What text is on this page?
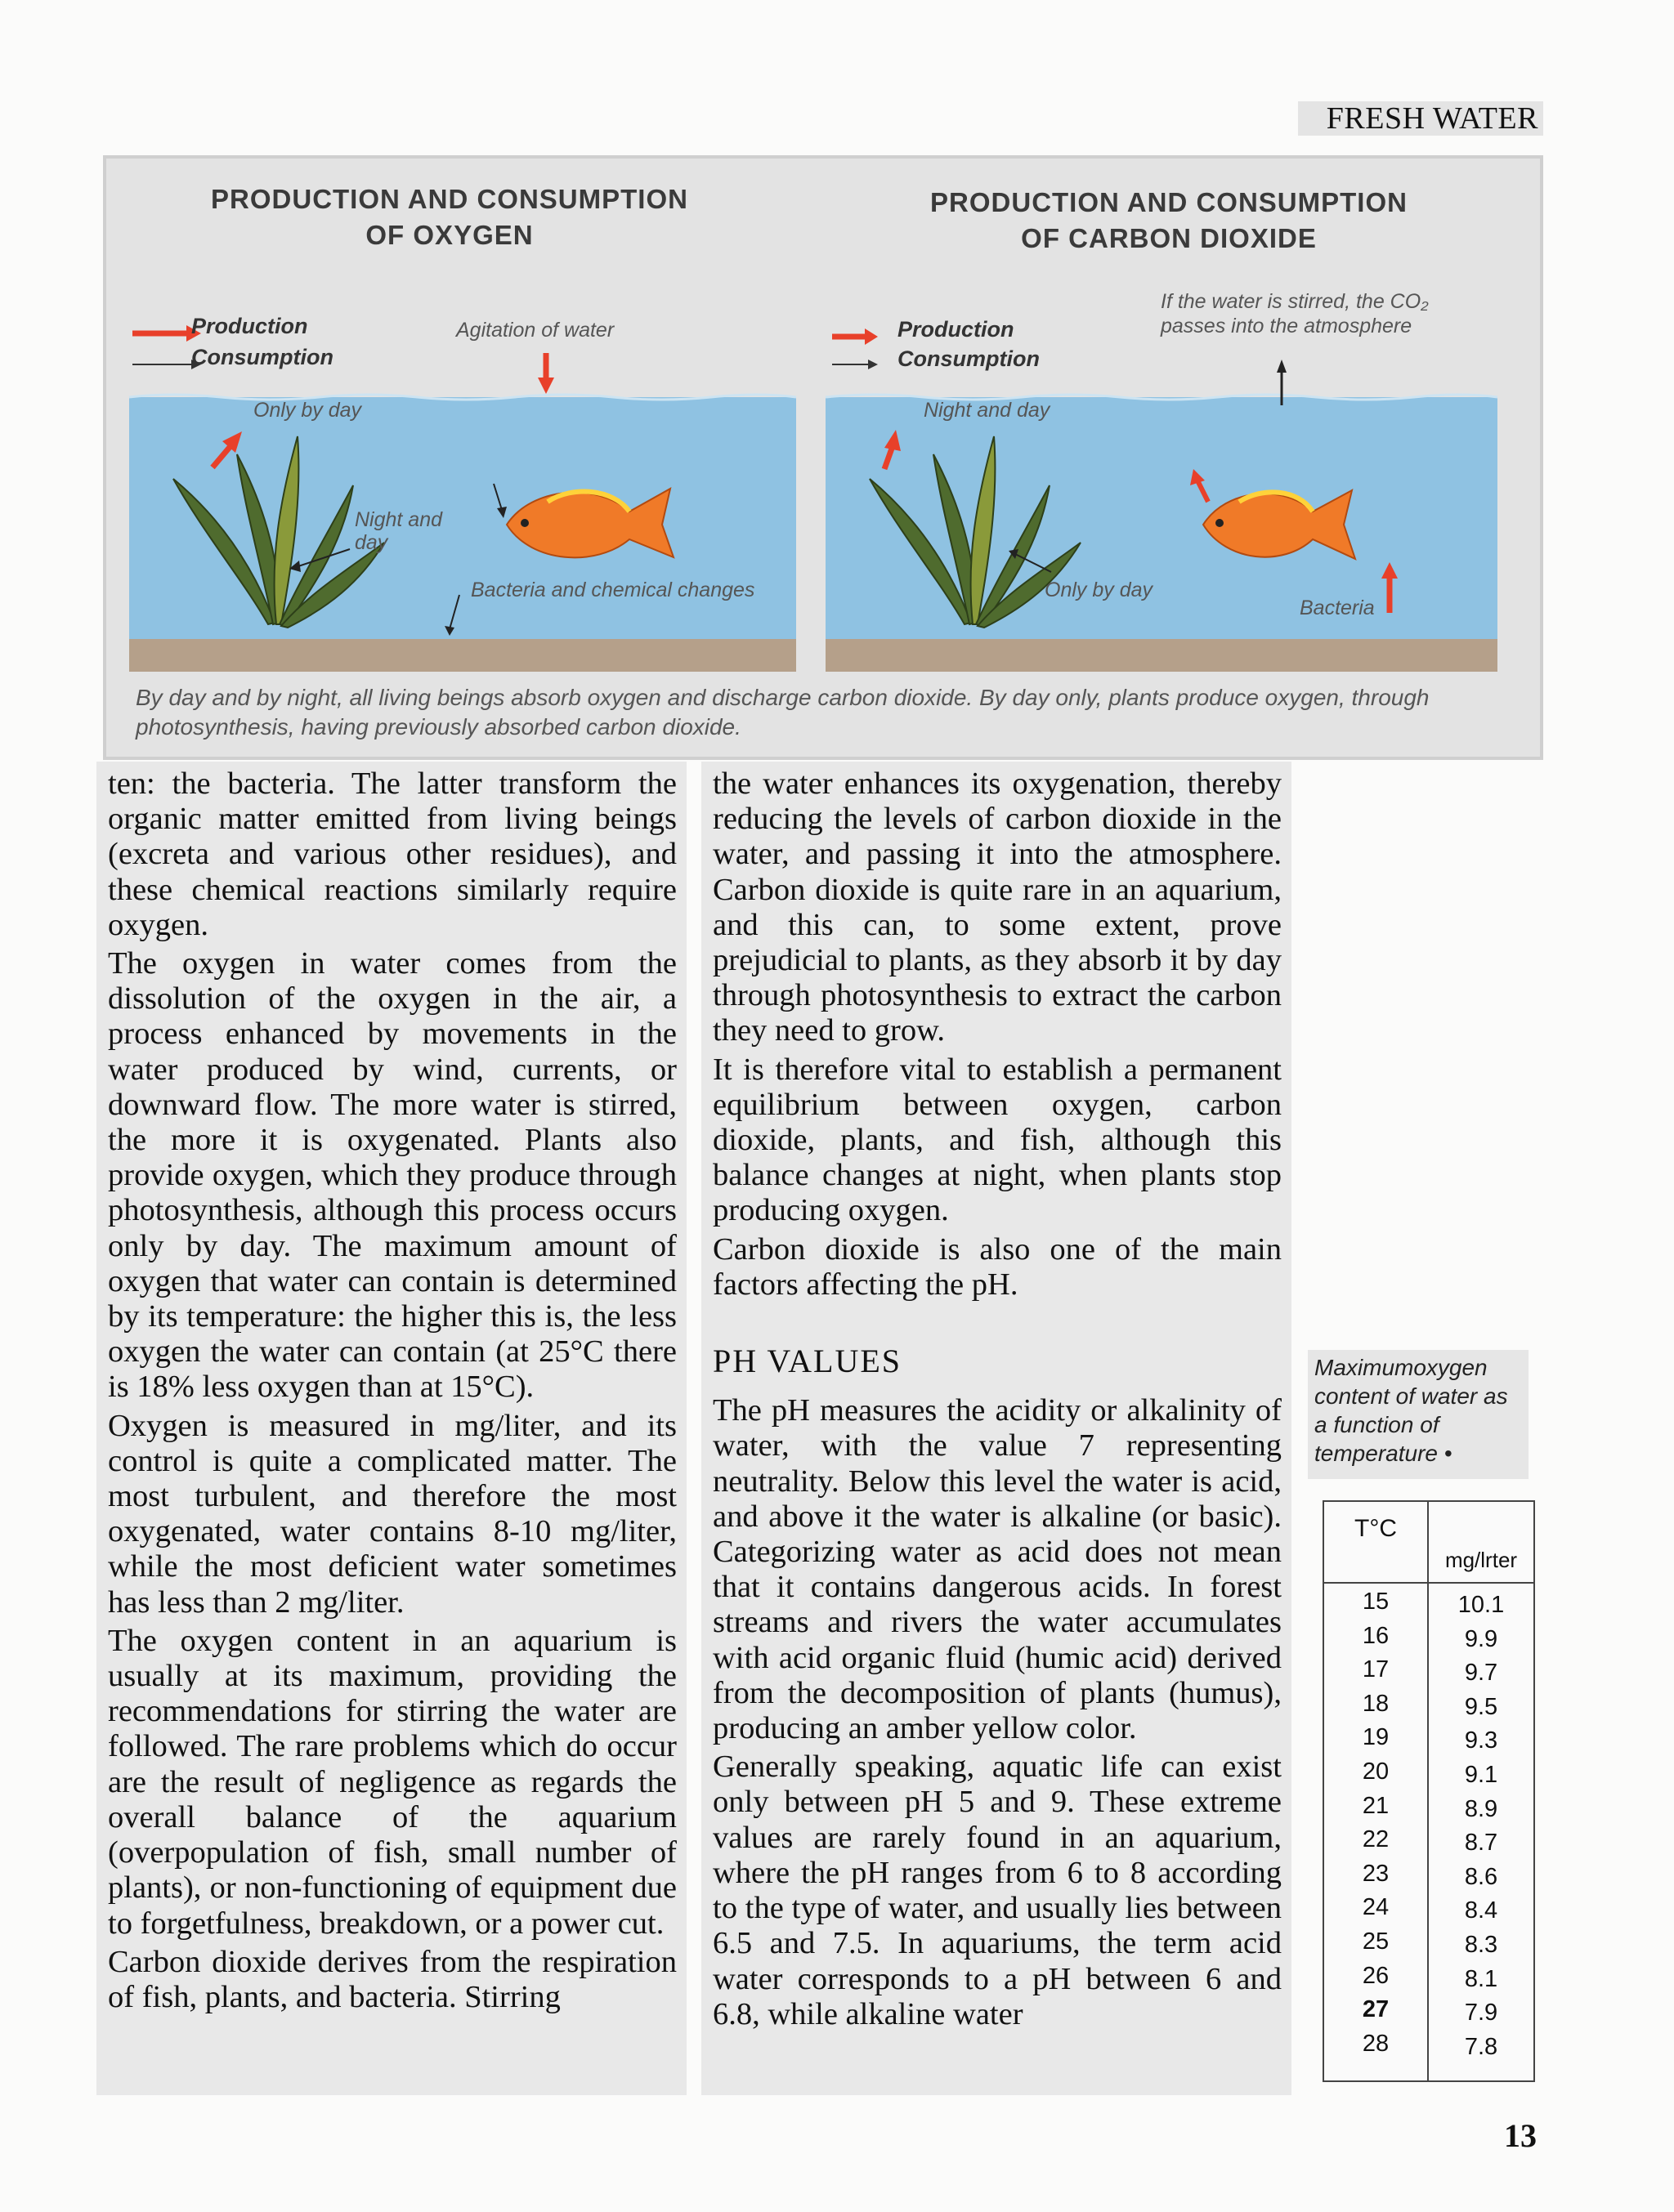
FRESH WATER
PRODUCTION AND CONSUMPTION
OF OXYGEN
PRODUCTION AND CONSUMPTION
OF CARBON DIOXIDE
Production
Consumption
Agitation of water
Only by day
Night and day
Bacteria and chemical changes
Production
Consumption
If the water is stirred, the CO₂ passes into the atmosphere
Night and day
Only by day
Bacteria
By day and by night, all living beings absorb oxygen and discharge carbon dioxide. By day only, plants produce oxygen, through photosynthesis, having previously absorbed carbon dioxide.

ten: the bacteria. The latter transform the organic matter emitted from living beings (excreta and various other residues), and these chemical reactions similarly require oxygen.

The oxygen in water comes from the dissolution of the oxygen in the air, a process enhanced by movements in the water produced by wind, currents, or downward flow. The more water is stirred, the more it is oxygenated. Plants also provide oxygen, which they produce through photosynthesis, although this process occurs only by day. The maximum amount of oxygen that water can contain is determined by its temperature: the higher this is, the less oxygen the water can contain (at 25°C there is 18% less oxygen than at 15°C).

Oxygen is measured in mg/liter, and its control is quite a complicated matter. The most turbulent, and therefore the most oxygenated, water contains 8-10 mg/liter, while the most deficient water sometimes has less than 2 mg/liter.

The oxygen content in an aquarium is usually at its maximum, providing the recommendations for stirring the water are followed. The rare problems which do occur are the result of negligence as regards the overall balance of the aquarium (overpopulation of fish, small number of plants), or non-functioning of equipment due to forgetfulness, breakdown, or a power cut.

Carbon dioxide derives from the respiration of fish, plants, and bacteria. Stirring

the water enhances its oxygenation, thereby reducing the levels of carbon dioxide in the water, and passing it into the atmosphere. Carbon dioxide is quite rare in an aquarium, and this can, to some extent, prove prejudicial to plants, as they absorb it by day through photosynthesis to extract the carbon they need to grow.

It is therefore vital to establish a permanent equilibrium between oxygen, carbon dioxide, plants, and fish, although this balance changes at night, when plants stop producing oxygen.

Carbon dioxide is also one of the main factors affecting the pH.

PH VALUES

The pH measures the acidity or alkalinity of water, with the value 7 representing neutrality. Below this level the water is acid, and above it the water is alkaline (or basic). Categorizing water as acid does not mean that it contains dangerous acids. In forest streams and rivers the water accumulates with acid organic fluid (humic acid) derived from the decomposition of plants (humus), producing an amber yellow color.

Generally speaking, aquatic life can exist only between pH 5 and 9. These extreme values are rarely found in an aquarium, where the pH ranges from 6 to 8 according to the type of water, and usually lies between 6.5 and 7.5. In aquariums, the term acid water corresponds to a pH between 6 and 6.8, while alkaline water

Maximumoxygen content of water as a function of temperature •
T°C
mg/lrter
15	10.1
16	9.9
17	9.7
18	9.5
19	9.3
20	9.1
21	8.9
22	8.7
23	8.6
24	8.4
25	8.3
26	8.1
27	7.9
28	7.8
13
